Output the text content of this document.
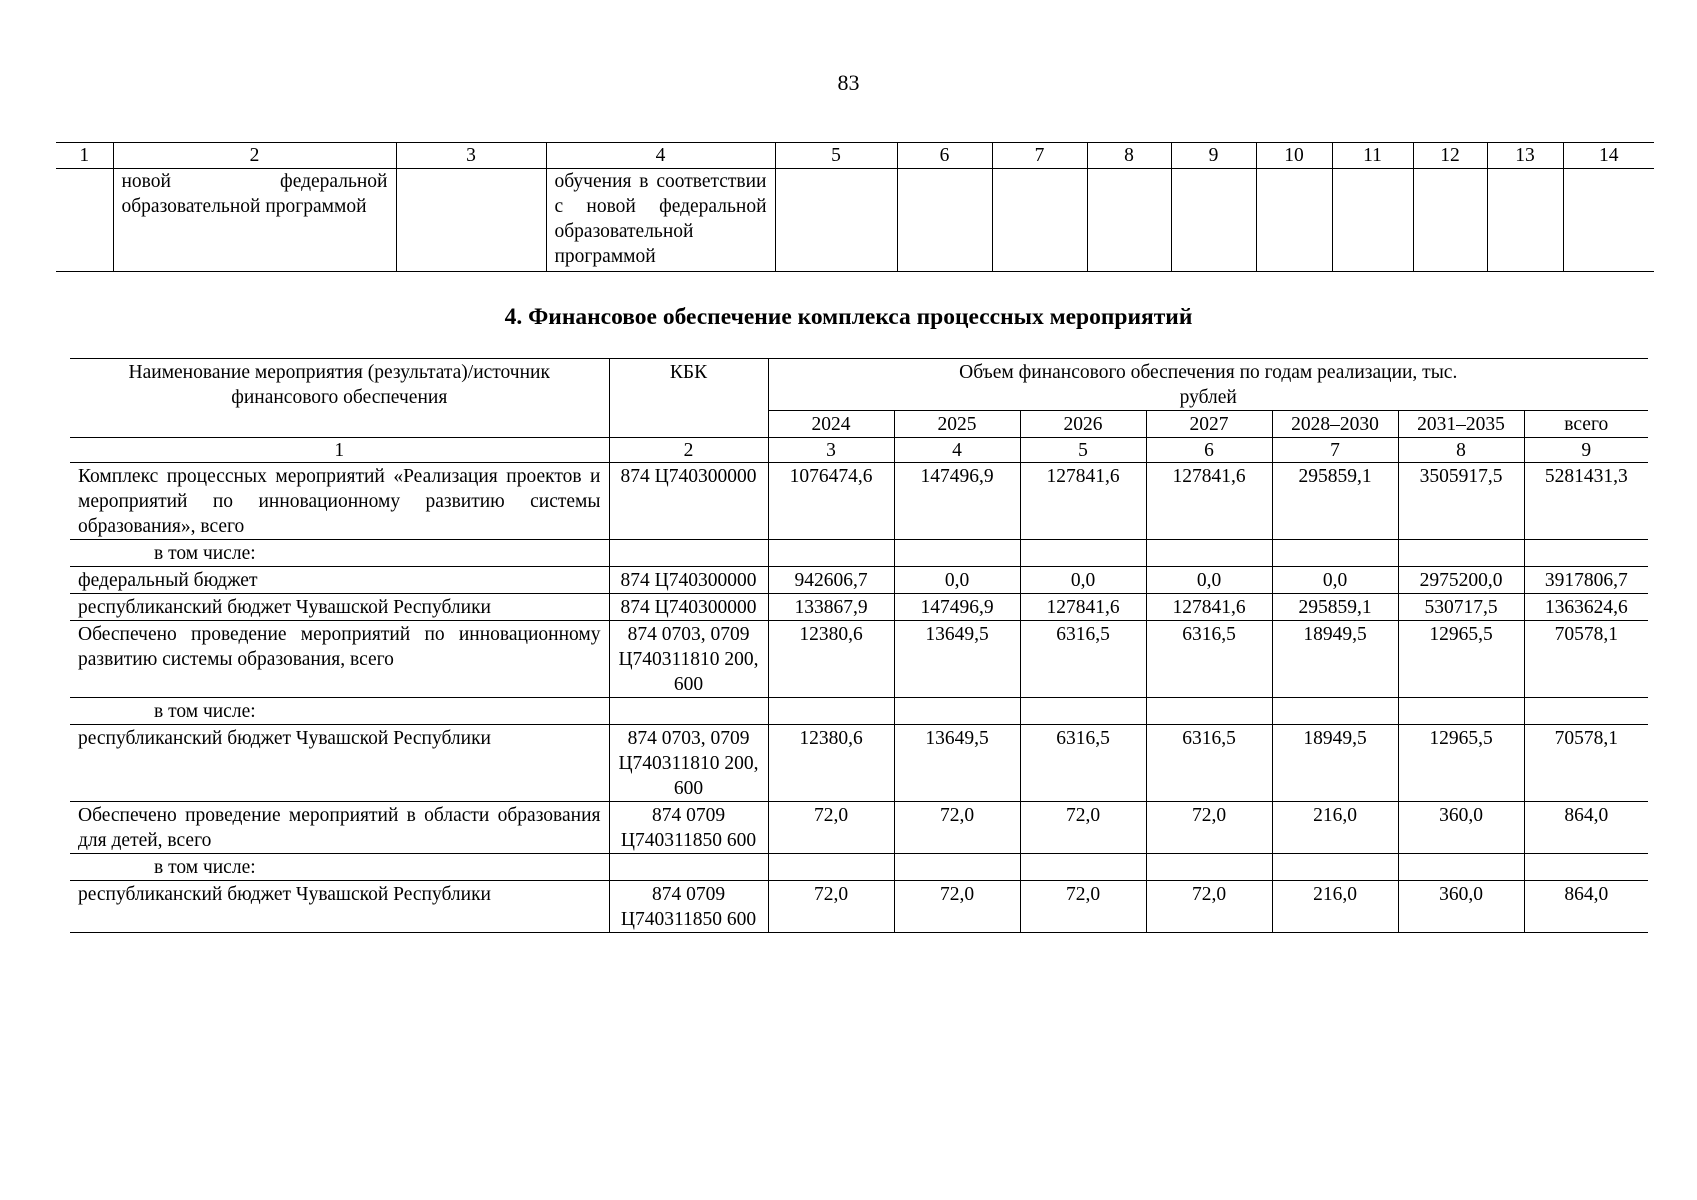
83
1	2	3	4	5	6	7	8	9	10	11	12	13	14
	новой федеральной образовательной программой		обучения в соответствии с новой федеральной образовательной программой										
4. Финансовое обеспечение комплекса процессных мероприятий
Наименование мероприятия (результата)/источник финансового обеспечения	КБК	Объем финансового обеспечения по годам реализации, тыс. рублей						
		2024	2025	2026	2027	2028–2030	2031–2035	всего
1	2	3	4	5	6	7	8	9
Комплекс процессных мероприятий «Реализация проектов и мероприятий по инновационному развитию системы образования», всего	874 Ц740300000	1076474,6	147496,9	127841,6	127841,6	295859,1	3505917,5	5281431,3
в том числе:								
федеральный бюджет	874 Ц740300000	942606,7	0,0	0,0	0,0	0,0	2975200,0	3917806,7
республиканский бюджет Чувашской Республики	874 Ц740300000	133867,9	147496,9	127841,6	127841,6	295859,1	530717,5	1363624,6
Обеспечено проведение мероприятий по инновационному развитию системы образования, всего	874 0703, 0709 Ц740311810 200, 600	12380,6	13649,5	6316,5	6316,5	18949,5	12965,5	70578,1
в том числе:								
республиканский бюджет Чувашской Республики	874 0703, 0709 Ц740311810 200, 600	12380,6	13649,5	6316,5	6316,5	18949,5	12965,5	70578,1
Обеспечено проведение мероприятий в области образования для детей, всего	874 0709 Ц740311850 600	72,0	72,0	72,0	72,0	216,0	360,0	864,0
в том числе:								
республиканский бюджет Чувашской Республики	874 0709 Ц740311850 600	72,0	72,0	72,0	72,0	216,0	360,0	864,0
